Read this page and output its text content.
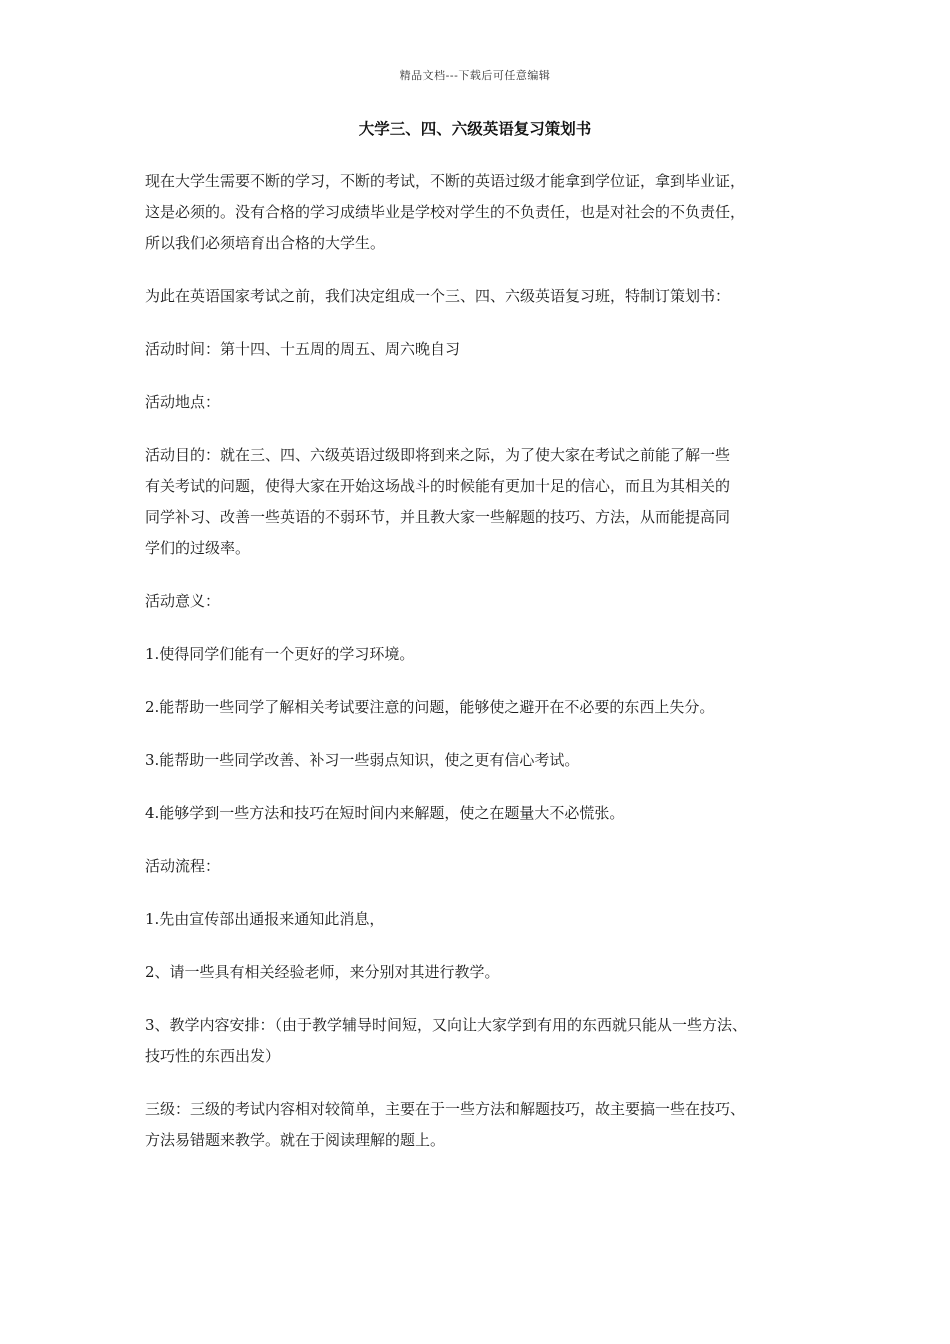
精品文档---下载后可任意编辑
大学三、四、六级英语复习策划书
现在大学生需要不断的学习，不断的考试，不断的英语过级才能拿到学位证，拿到毕业证，
这是必须的。没有合格的学习成绩毕业是学校对学生的不负责任，也是对社会的不负责任，
所以我们必须培育出合格的大学生。
为此在英语国家考试之前，我们决定组成一个三、四、六级英语复习班，特制订策划书：
活动时间：第十四、十五周的周五、周六晚自习
活动地点：
活动目的：就在三、四、六级英语过级即将到来之际，为了使大家在考试之前能了解一些
有关考试的问题，使得大家在开始这场战斗的时候能有更加十足的信心，而且为其相关的
同学补习、改善一些英语的不弱环节，并且教大家一些解题的技巧、方法，从而能提高同
学们的过级率。
活动意义：
1.使得同学们能有一个更好的学习环境。
2.能帮助一些同学了解相关考试要注意的问题，能够使之避开在不必要的东西上失分。
3.能帮助一些同学改善、补习一些弱点知识，使之更有信心考试。
4.能够学到一些方法和技巧在短时间内来解题，使之在题量大不必慌张。
活动流程：
1.先由宣传部出通报来通知此消息，
2、请一些具有相关经验老师，来分别对其进行教学。
3、教学内容安排：（由于教学辅导时间短，又向让大家学到有用的东西就只能从一些方法、
技巧性的东西出发）
三级：三级的考试内容相对较简单，主要在于一些方法和解题技巧，故主要搞一些在技巧、
方法易错题来教学。就在于阅读理解的题上。
